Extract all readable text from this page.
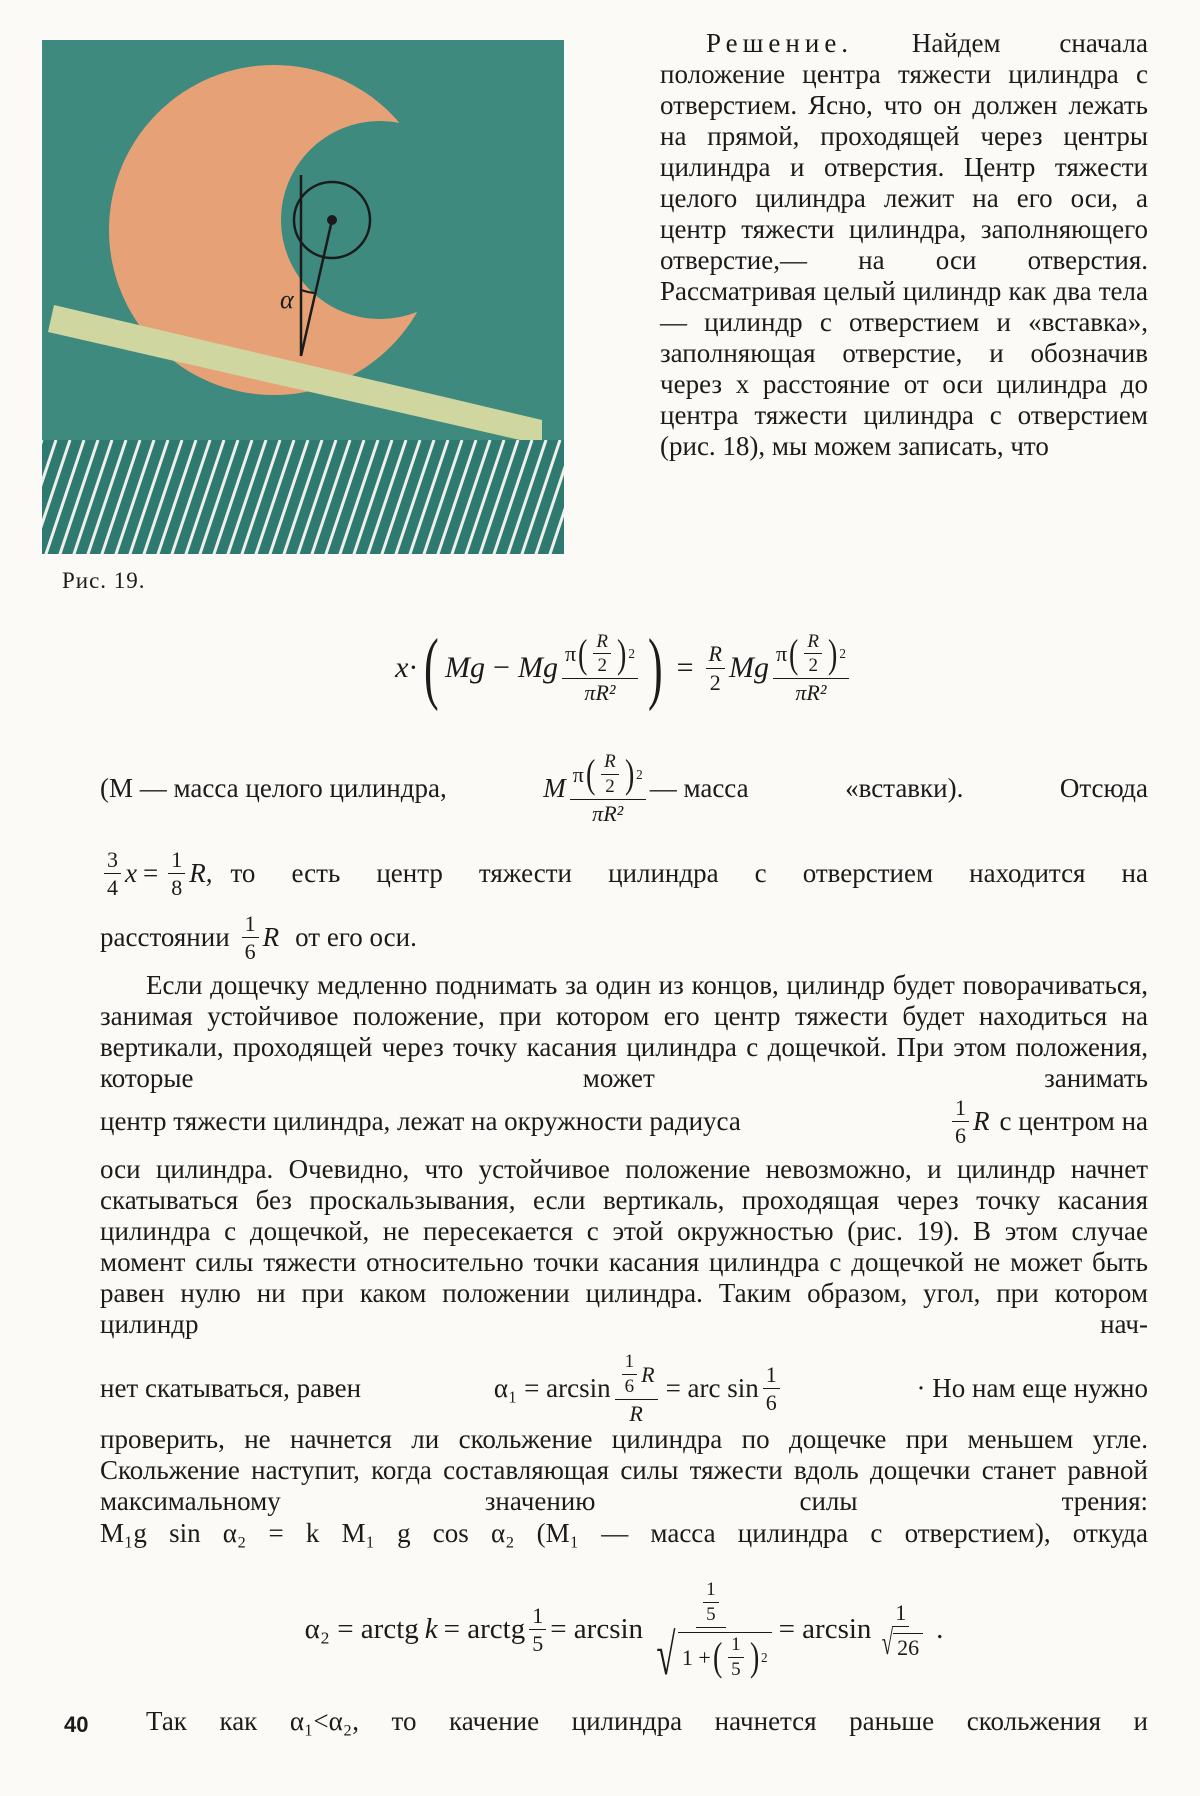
α
Рис. 19.
Решение. Найдем сначала положение центра тяжести цилиндра с отверстием. Ясно, что он должен лежать на прямой, проходящей через центры цилиндра и отверстия. Центр тяжести целого цилиндра лежит на его оси, а центр тяжести цилиндра, заполняющего отверстие,— на оси отверстия. Рассматривая целый цилиндр как два тела — цилиндр с отверстием и «вставка», заполняющая отверстие, и обозначив через x расстояние от оси цилиндра до центра тяжести цилиндра с отверстием (рис. 18), мы можем записать, что
x · ( Mg − Mg $\frac{\pi ( \frac{R}{2} ) 2}{\text{πR²}}$ ) = $\frac{R}{2}$ Mg $\frac{\pi ( \frac{R}{2} ) 2}{\text{πR²}}$
(M — масса целого цилиндра,	M $\frac{\pi ( \frac{R}{2} ) 2}{\text{πR²}}$ — масса	«вставки).	Отсюда
$\frac{3}{4}$ $x = \frac{1}{8} R$, то есть центр тяжести цилиндра с отверстием находится на
расстоянии $\frac{1}{6}$ R от его оси.
Если дощечку медленно поднимать за один из концов, цилиндр будет поворачиваться, занимая устойчивое положение, при котором его центр тяжести будет находиться на вертикали, проходящей через точку касания цилиндра с дощечкой. При этом положения, которые может занимать
центр тяжести цилиндра, лежат на окружности радиуса	$\frac{1}{6}$ R с центром на
оси цилиндра. Очевидно, что устойчивое положение невозможно, и цилиндр начнет скатываться без проскальзывания, если вертикаль, проходящая через точку касания цилиндра с дощечкой, не пересекается с этой окружностью (рис. 19). В этом случае момент силы тяжести относительно точки касания цилиндра с дощечкой не может быть равен нулю ни при каком положении цилиндра. Таким образом, угол, при котором цилиндр нач-
нет скатываться, равен	$\alpha_1 = \arcsin \frac{\frac{1}{6} R}{R}$ = arc $\sin \frac{1}{6}$	· Но нам еще нужно
проверить, не начнется ли скольжение цилиндра по дощечке при меньшем угле. Скольжение наступит, когда составляющая силы тяжести вдоль дощечки станет равной максимальному значению силы трения:
M₁g sin α₂ = k M₁ g cos α₂ (M₁ — масса цилиндра с отверстием), откуда
α₂ = arctg k = arctg $\frac{1}{5} = \arcsin$
$\frac{1}{5}$
√ 1 + ( $\frac{1}{5}$ ) 2
= $\arcsin \frac{1}{√ 26}$ .
Так как α₁<α₂, то качение цилиндра начнется раньше скольжения и
40
